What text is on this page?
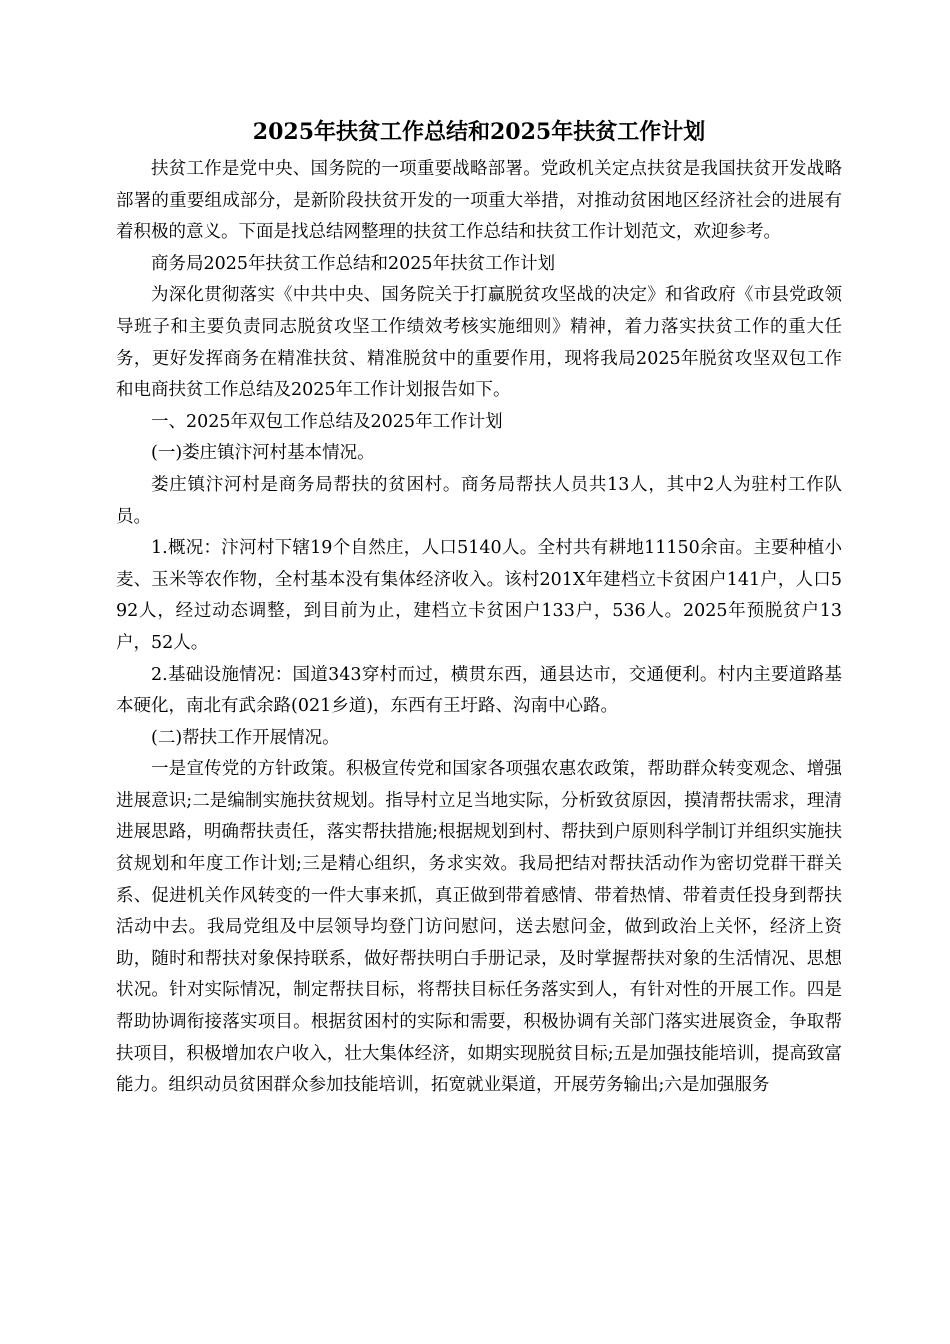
2025年扶贫工作总结和2025年扶贫工作计划

扶贫工作是党中央、国务院的一项重要战略部署。党政机关定点扶贫是我国扶贫开发战略部署的重要组成部分，是新阶段扶贫开发的一项重大举措，对推动贫困地区经济社会的进展有着积极的意义。下面是找总结网整理的扶贫工作总结和扶贫工作计划范文，欢迎参考。

商务局2025年扶贫工作总结和2025年扶贫工作计划

为深化贯彻落实《中共中央、国务院关于打赢脱贫攻坚战的决定》和省政府《市县党政领导班子和主要负责同志脱贫攻坚工作绩效考核实施细则》精神，着力落实扶贫工作的重大任务，更好发挥商务在精准扶贫、精准脱贫中的重要作用，现将我局2025年脱贫攻坚双包工作和电商扶贫工作总结及2025年工作计划报告如下。

一、2025年双包工作总结及2025年工作计划

(一)娄庄镇汴河村基本情况。

娄庄镇汴河村是商务局帮扶的贫困村。商务局帮扶人员共13人，其中2人为驻村工作队员。

1.概况：汴河村下辖19个自然庄，人口5140人。全村共有耕地11150余亩。主要种植小麦、玉米等农作物，全村基本没有集体经济收入。该村201X年建档立卡贫困户141户，人口592人，经过动态调整，到目前为止，建档立卡贫困户133户，536人。2025年预脱贫户13户，52人。

2.基础设施情况：国道343穿村而过，横贯东西，通县达市，交通便利。村内主要道路基本硬化，南北有武余路(021乡道)，东西有王圩路、沟南中心路。

(二)帮扶工作开展情况。

一是宣传党的方针政策。积极宣传党和国家各项强农惠农政策，帮助群众转变观念、增强进展意识;二是编制实施扶贫规划。指导村立足当地实际，分析致贫原因，摸清帮扶需求，理清进展思路，明确帮扶责任，落实帮扶措施;根据规划到村、帮扶到户原则科学制订并组织实施扶贫规划和年度工作计划;三是精心组织，务求实效。我局把结对帮扶活动作为密切党群干群关系、促进机关作风转变的一件大事来抓，真正做到带着感情、带着热情、带着责任投身到帮扶活动中去。我局党组及中层领导均登门访问慰问，送去慰问金，做到政治上关怀，经济上资助，随时和帮扶对象保持联系，做好帮扶明白手册记录，及时掌握帮扶对象的生活情况、思想状况。针对实际情况，制定帮扶目标，将帮扶目标任务落实到人，有针对性的开展工作。四是帮助协调衔接落实项目。根据贫困村的实际和需要，积极协调有关部门落实进展资金，争取帮扶项目，积极增加农户收入，壮大集体经济，如期实现脱贫目标;五是加强技能培训，提高致富能力。组织动员贫困群众参加技能培训，拓宽就业渠道，开展劳务输出;六是加强服务
